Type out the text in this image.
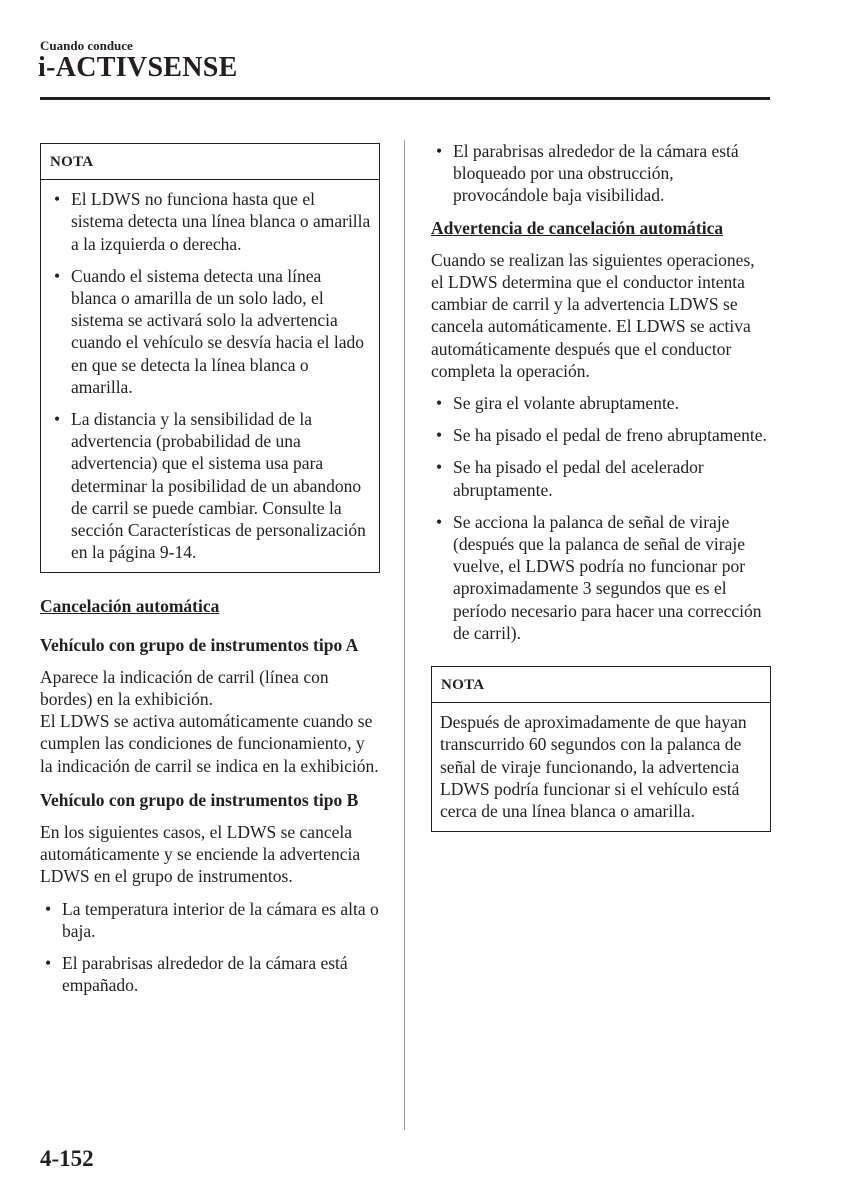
Cuando conduce
i-ACTIVSENSE
NOTA
• El LDWS no funciona hasta que el sistema detecta una línea blanca o amarilla a la izquierda o derecha.
• Cuando el sistema detecta una línea blanca o amarilla de un solo lado, el sistema se activará solo la advertencia cuando el vehículo se desvía hacia el lado en que se detecta la línea blanca o amarilla.
• La distancia y la sensibilidad de la advertencia (probabilidad de una advertencia) que el sistema usa para determinar la posibilidad de un abandono de carril se puede cambiar. Consulte la sección Características de personalización en la página 9-14.

Cancelación automática

Vehículo con grupo de instrumentos tipo A

Aparece la indicación de carril (línea con bordes) en la exhibición.

El LDWS se activa automáticamente cuando se cumplen las condiciones de funcionamiento, y la indicación de carril se indica en la exhibición.

Vehículo con grupo de instrumentos tipo B

En los siguientes casos, el LDWS se cancela automáticamente y se enciende la advertencia LDWS en el grupo de instrumentos.

• La temperatura interior de la cámara es alta o baja.
• El parabrisas alrededor de la cámara está empañado.
• El parabrisas alrededor de la cámara está bloqueado por una obstrucción, provocándole baja visibilidad.

Advertencia de cancelación automática

Cuando se realizan las siguientes operaciones, el LDWS determina que el conductor intenta cambiar de carril y la advertencia LDWS se cancela automáticamente. El LDWS se activa automáticamente después que el conductor completa la operación.

• Se gira el volante abruptamente.
• Se ha pisado el pedal de freno abruptamente.
• Se ha pisado el pedal del acelerador abruptamente.
• Se acciona la palanca de señal de viraje (después que la palanca de señal de viraje vuelve, el LDWS podría no funcionar por aproximadamente 3 segundos que es el período necesario para hacer una corrección de carril).
NOTA

Después de aproximadamente de que hayan transcurrido 60 segundos con la palanca de señal de viraje funcionando, la advertencia LDWS podría funcionar si el vehículo está cerca de una línea blanca o amarilla.

4-152
